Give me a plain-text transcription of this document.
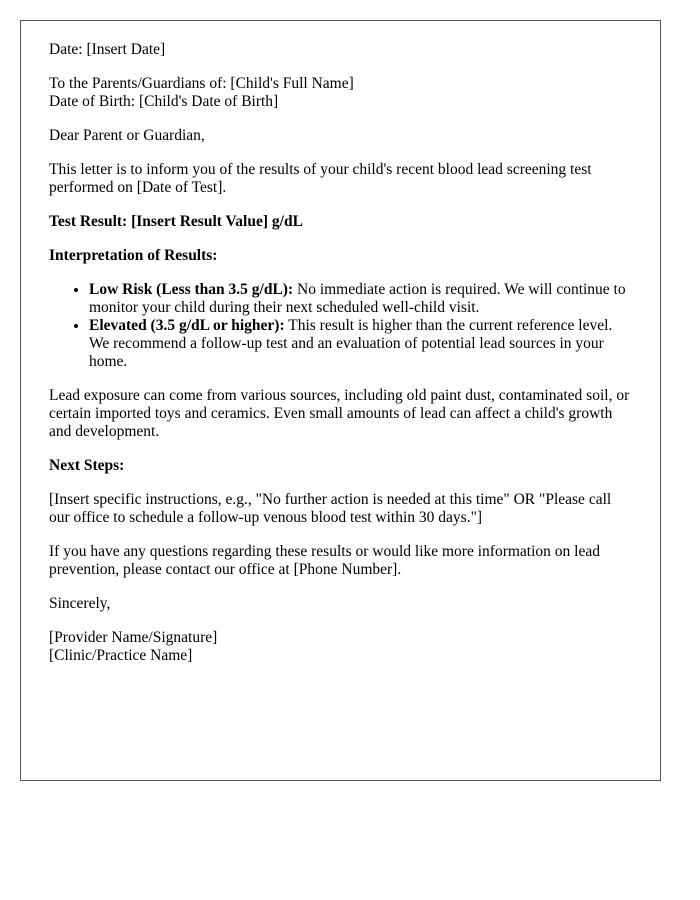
Date: [Insert Date]

To the Parents/Guardians of: [Child's Full Name]
Date of Birth: [Child's Date of Birth]

Dear Parent or Guardian,

This letter is to inform you of the results of your child's recent blood lead screening test performed on [Date of Test].

Test Result: [Insert Result Value] g/dL

Interpretation of Results:

• Low Risk (Less than 3.5 g/dL): No immediate action is required. We will continue to monitor your child during their next scheduled well-child visit.
• Elevated (3.5 g/dL or higher): This result is higher than the current reference level. We recommend a follow-up test and an evaluation of potential lead sources in your home.

Lead exposure can come from various sources, including old paint dust, contaminated soil, or certain imported toys and ceramics. Even small amounts of lead can affect a child's growth and development.

Next Steps:

[Insert specific instructions, e.g., "No further action is needed at this time" OR "Please call our office to schedule a follow-up venous blood test within 30 days."]

If you have any questions regarding these results or would like more information on lead prevention, please contact our office at [Phone Number].

Sincerely,

[Provider Name/Signature]
[Clinic/Practice Name]
